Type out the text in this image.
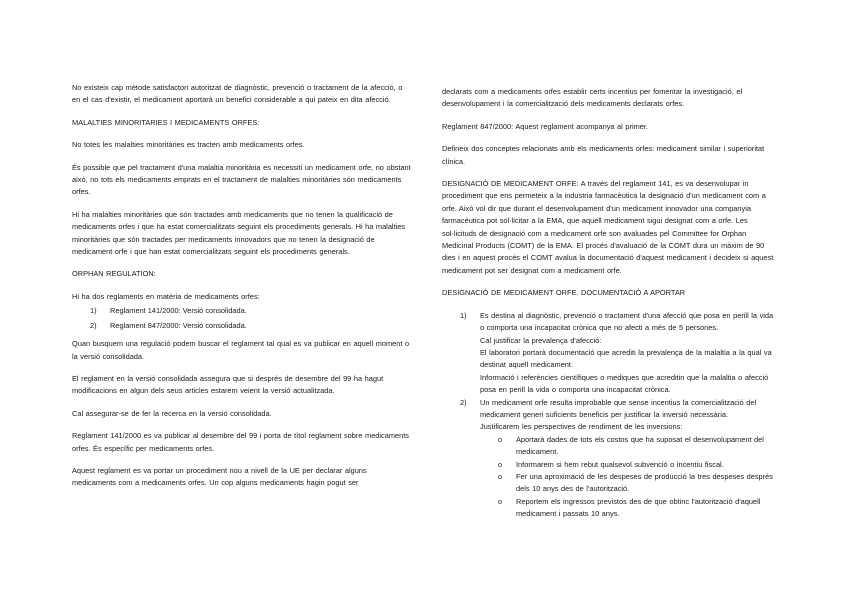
No existeix cap mètode satisfactori autoritzat de diagnòstic, prevenció o tractament de la afecció, o en el cas d'existir, el medicament aportarà un benefici considerable a qui pateix en dita afecció.

MALALTIES MINORITARIES I MEDICAMENTS ORFES:

No totes les malalties minoritàries es tracten amb medicaments orfes.

És possible que pel tractament d'una malaltia minoritària es necessiti un medicament orfe, no obstant això, no tots els medicaments emprats en el tractament de malalties minoritàries són medicaments orfes.

Hi ha malalties minoritàries que són tractades amb medicaments que no tenen la qualificació de medicaments orfes i que ha estat comercialitzats seguint els procediments generals. Hi ha malalties minoritàries que són tractades per medicaments innovadors que no tenen la designació de medicament orfe i que han estat comercialitzats seguint els procediments generals.

ORPHAN REGULATION:

Hi ha dos reglaments en matèria de medicaments orfes:

1) Reglament 141/2000: Versió consolidada.
2) Reglament 847/2000: Versió consolidada.

Quan busquem una regulació podem buscar el reglament tal qual es va publicar en aquell moment o la versió consolidada.

El reglament en la versió consolidada assegura que si després de desembre del 99 ha hagut modificacions en algun dels seus articles estarem veient la versió actualitzada.

Cal assegurar-se de fer la recerca en la versió consolidada.

Reglament 141/2000 es va publicar al desembre del 99 i porta de títol reglament sobre medicaments orfes. És específic per medicaments orfes.

Aquest reglament es va portar un procediment nou a nivell de la UE per declarar alguns medicaments com a medicaments orfes. Un cop alguns medicaments hagin pogut ser

declarats com a medicaments orfes establir certs incentius per fomentar la investigació, el desenvolupament i la comercialització dels medicaments declarats orfes.

Reglament 847/2000: Aquest reglament acompanya al primer.

Defineix dos conceptes relacionats amb els medicaments orfes: medicament similar i superioritat clínica.

DESIGNACIÓ DE MEDICAMENT ORFE: A través del reglament 141, es va desenvolupar in procediment que ens permeteix a la industria farmacèutica la designació d'un medicament com a orfe. Això vol dir que durant el desenvolupament d'un medicament innovador una companyia farmacèutica pot sol·licitar a la EMA, que aquell medicament sigui designat com a orfe. Les sol·licituds de designació com a medicament orfe son avaluades pel Committee for Orphan Medicinal Products (COMT) de la EMA. El procés d'avaluació de la COMT dura un màxim de 90 dies i en aquest procés el COMT avalua la documentació d'aquest medicament i decideix si aquest medicament pot ser designat com a medicament orfe.

DESIGNACIÓ DE MEDICAMENT ORFE. DOCUMENTACIÓ A APORTAR

1) Es destina al diagnòstic, prevenció o tractament d'una afecció que posa en perill la vida o comporta una incapacitat crònica que no afecti a més de 5 persones.
Cal justificar la prevalença d'afecció:
El laboratori portarà documentació que acrediti la prevalença de la malaltia a la qual va destinat aquell medicament.
Informació i referències científiques o mediques que acreditin que la malaltia o afecció posa en perill la vida o comporta una incapacitat crònica.
2) Un medicament orfe resulta improbable que sense incentius la comercialització del medicament generi suficients beneficis per justificar la inversió necessària.
Justificarem les perspectives de rendiment de les inversions:
o Aportarà dades de tots els costos que ha suposat el desenvolupament del medicament.
o Informarem si hem rebut qualsevol subvenció o incentiu fiscal.
o Fer una aproximació de les despeses de producció la tres despeses després dels 10 anys des de l'autorització.
o Reportem els ingressos previstos des de que obtinc l'autorització d'aquell medicament i passats 10 anys.
